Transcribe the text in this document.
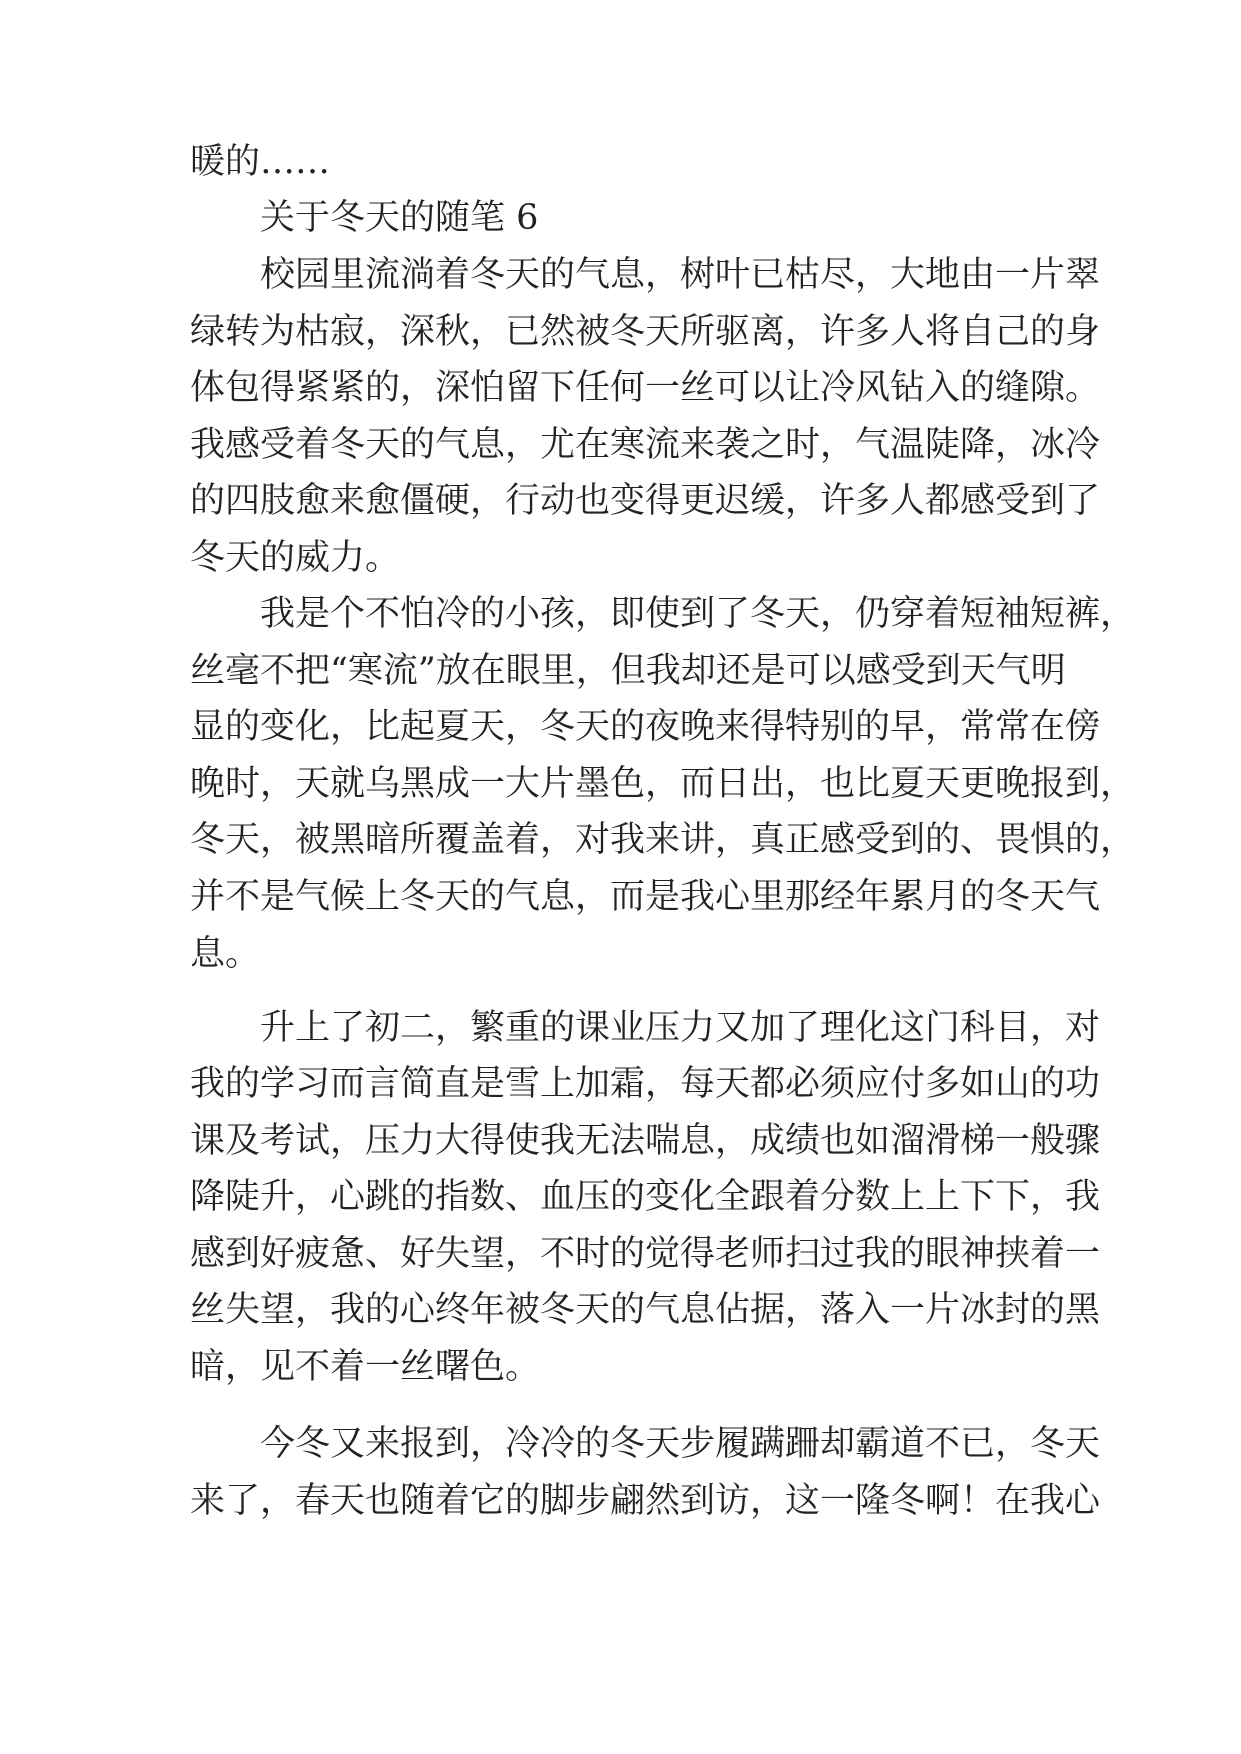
暖的……
关于冬天的随笔 6
校园里流淌着冬天的气息，树叶已枯尽，大地由一片翠
绿转为枯寂，深秋，已然被冬天所驱离，许多人将自己的身
体包得紧紧的，深怕留下任何一丝可以让冷风钻入的缝隙。
我感受着冬天的气息，尤在寒流来袭之时，气温陡降，冰冷
的四肢愈来愈僵硬，行动也变得更迟缓，许多人都感受到了
冬天的威力。
我是个不怕冷的小孩，即使到了冬天，仍穿着短袖短裤，
丝毫不把“寒流”放在眼里，但我却还是可以感受到天气明
显的变化，比起夏天，冬天的夜晚来得特别的早，常常在傍
晚时，天就乌黑成一大片墨色，而日出，也比夏天更晚报到，
冬天，被黑暗所覆盖着，对我来讲，真正感受到的、畏惧的，
并不是气候上冬天的气息，而是我心里那经年累月的冬天气
息。
升上了初二，繁重的课业压力又加了理化这门科目，对
我的学习而言简直是雪上加霜，每天都必须应付多如山的功
课及考试，压力大得使我无法喘息，成绩也如溜滑梯一般骤
降陡升，心跳的指数、血压的变化全跟着分数上上下下，我
感到好疲惫、好失望，不时的觉得老师扫过我的眼神挟着一
丝失望，我的心终年被冬天的气息佔据，落入一片冰封的黑
暗，见不着一丝曙色。
今冬又来报到，冷冷的冬天步履蹒跚却霸道不已，冬天
来了，春天也随着它的脚步翩然到访，这一隆冬啊！在我心
